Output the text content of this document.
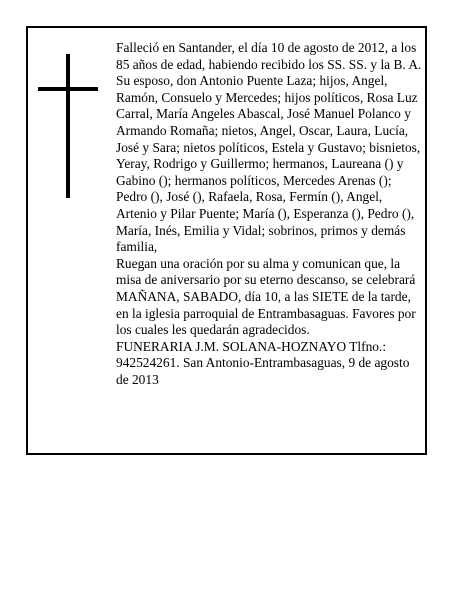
Falleció en Santander, el día 10 de agosto de 2012, a los 85 años de edad, habiendo recibido los SS. SS. y la B. A.

Su esposo, don Antonio Puente Laza; hijos, Angel, Ramón, Consuelo y Mercedes; hijos políticos, Rosa Luz Carral, María Angeles Abascal, José Manuel Polanco y Armando Romaña; nietos, Angel, Oscar, Laura, Lucía, José y Sara; nietos políticos, Estela y Gustavo; bisnietos, Yeray, Rodrigo y Guillermo; hermanos, Laureana () y Gabino (); hermanos políticos, Mercedes Arenas (); Pedro (), José (), Rafaela, Rosa, Fermín (), Angel, Artenio y Pilar Puente; María (), Esperanza (), Pedro (), María, Inés, Emilia y Vidal; sobrinos, primos y demás familia,

Ruegan una oración por su alma y comunican que, la misa de aniversario por su eterno descanso, se celebrará MAÑANA, SABADO, día 10, a las SIETE de la tarde, en la iglesia parroquial de Entrambasaguas. Favores por los cuales les quedarán agradecidos.

FUNERARIA J.M. SOLANA-HOZNAYO Tlfno.: 942524261. San Antonio-Entrambasaguas, 9 de agosto de 2013
